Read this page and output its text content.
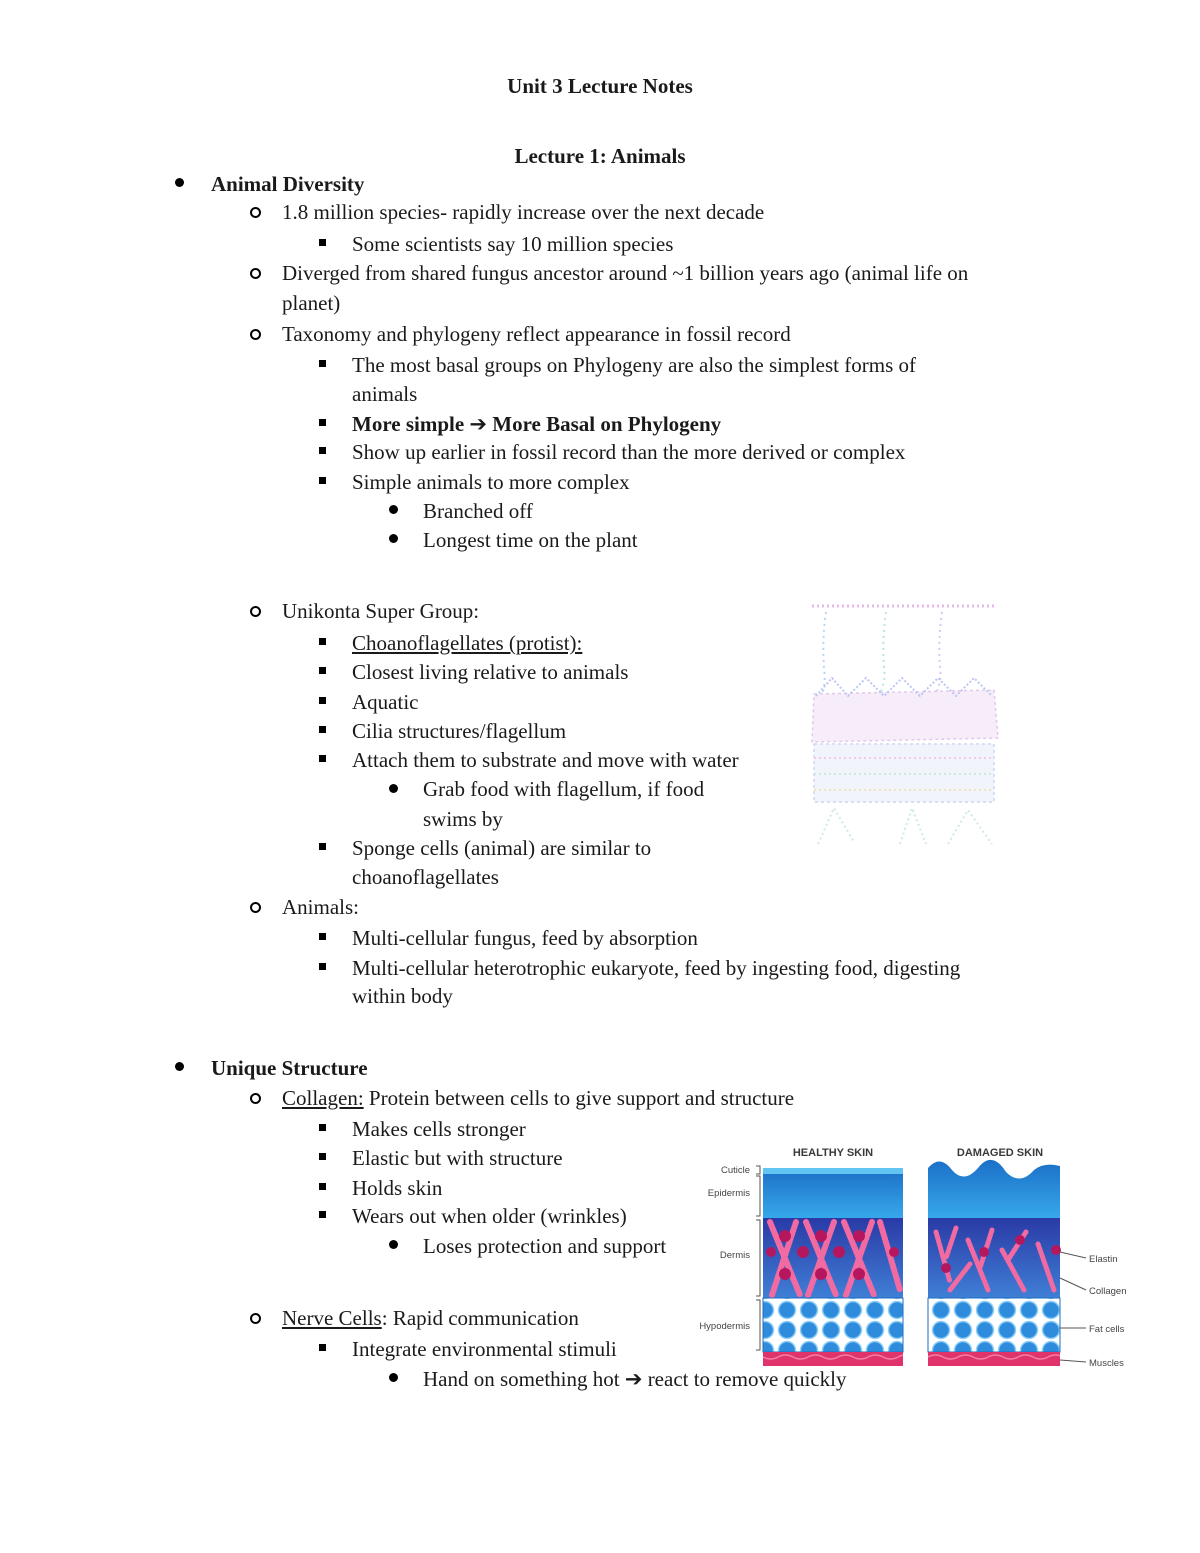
Unit 3 Lecture Notes
Lecture 1: Animals
Animal Diversity
1.8 million species- rapidly increase over the next decade
Some scientists say 10 million species
Diverged from shared fungus ancestor around ~1 billion years ago (animal life on
planet)
Taxonomy and phylogeny reflect appearance in fossil record
The most basal groups on Phylogeny are also the simplest forms of
animals
More simple ➔ More Basal on Phylogeny
Show up earlier in fossil record than the more derived or complex
Simple animals to more complex
Branched off
Longest time on the plant
Unikonta Super Group:
Choanoflagellates (protist):
Closest living relative to animals
Aquatic
Cilia structures/flagellum
Attach them to substrate and move with water
Grab food with flagellum, if food
swims by
Sponge cells (animal) are similar to
choanoflagellates
Animals:
Multi-cellular fungus, feed by absorption
Multi-cellular heterotrophic eukaryote, feed by ingesting food, digesting
within body
Unique Structure
Collagen: Protein between cells to give support and structure
Makes cells stronger
Elastic but with structure
Holds skin
Wears out when older (wrinkles)
Loses protection and support
Nerve Cells: Rapid communication
Integrate environmental stimuli
Hand on something hot ➔ react to remove quickly
HEALTHY SKIN	DAMAGED SKIN
Cuticle
Epidermis
Dermis
Hypodermis
Elastin
Collagen
Fat cells
Muscles
